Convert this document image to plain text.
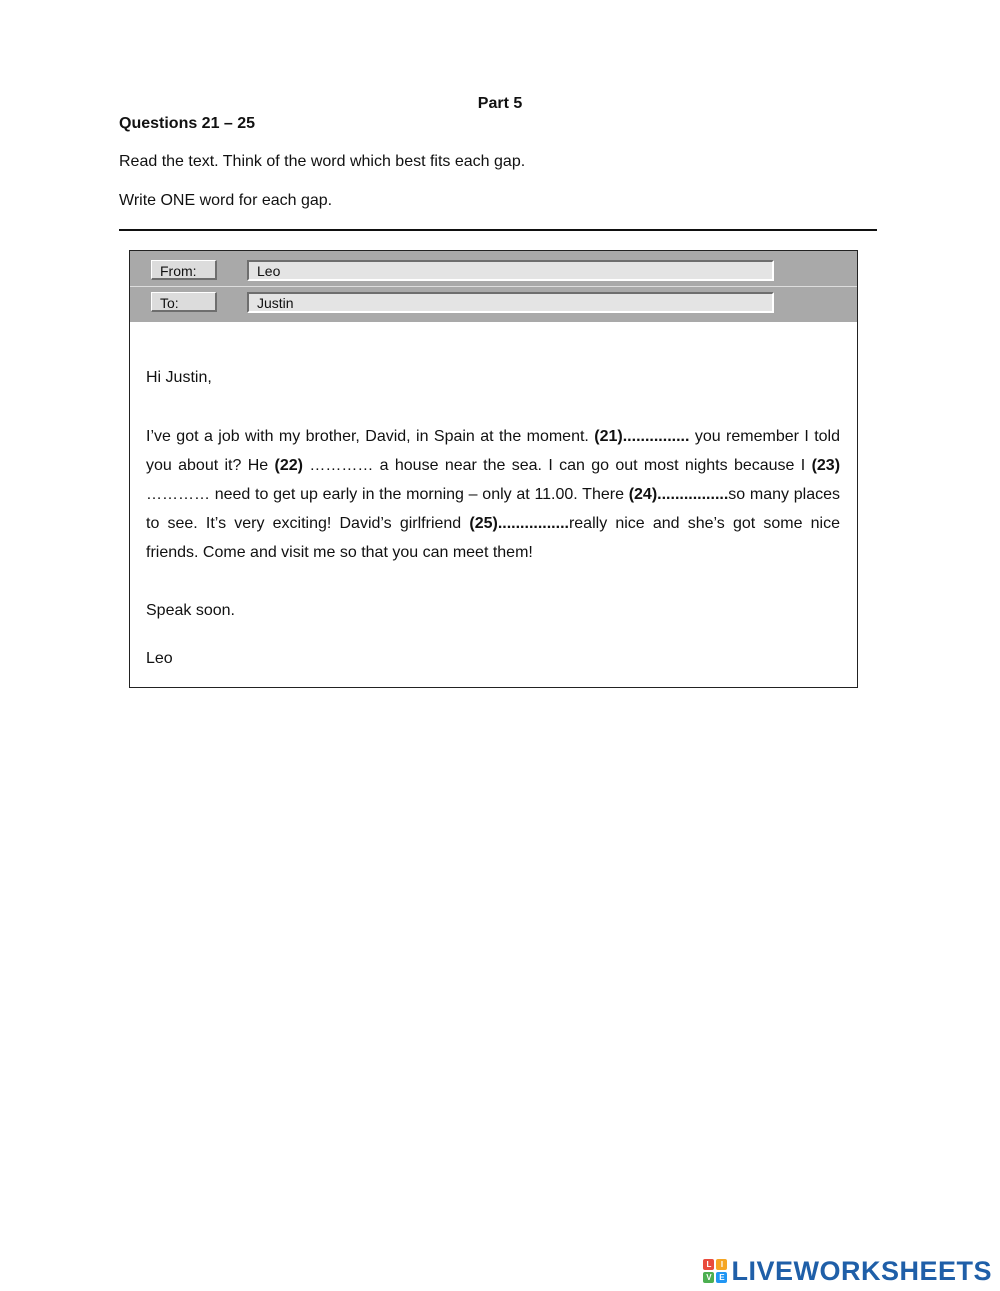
Part 5
Questions 21 – 25
Read the text. Think of the word which best fits each gap.
Write ONE word for each gap.
From:	Leo
To:	Justin
Hi Justin,
I’ve got a job with my brother, David, in Spain at the moment. (21)............... you remember I told you about it? He (22) ………… a house near the sea. I can go out most nights because I (23) ………… need to get up early in the morning – only at 11.00. There (24)................so many places to see. It’s very exciting! David’s girlfriend (25)................really nice and she’s got some nice friends. Come and visit me so that you can meet them!
Speak soon.
Leo
L	I
V E LIVEWORKSHEETS
